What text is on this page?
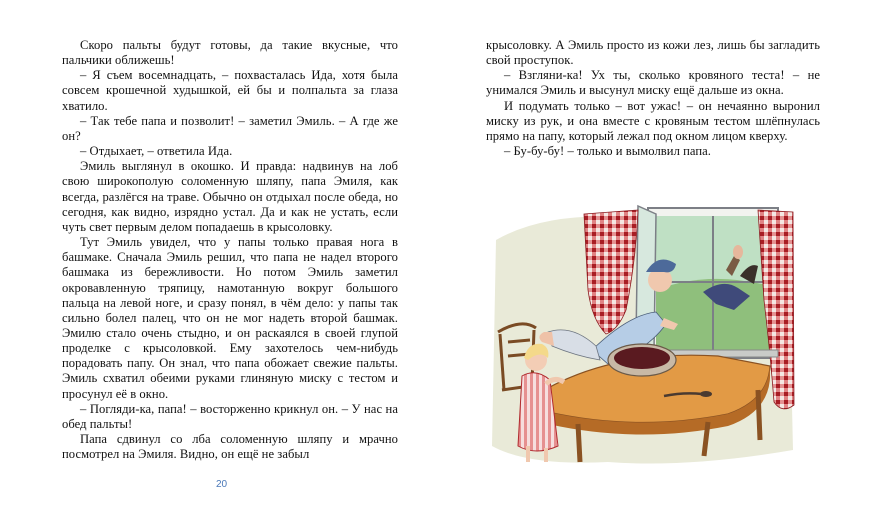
Скоро пальты будут готовы, да такие вкусные, что пальчики оближешь!

– Я съем восемнадцать, – похвасталась Ида, хотя была совсем крошечной худышкой, ей бы и полпальта за глаза хватило.

– Так тебе папа и позволит! – заметил Эмиль. – А где же он?

– Отдыхает, – ответила Ида.

Эмиль выглянул в окошко. И правда: надвинув на лоб свою широкополую соломенную шляпу, папа Эмиля, как всегда, разлёгся на траве. Обычно он отдыхал после обеда, но сегодня, как видно, изрядно устал. Да и как не устать, если чуть свет первым делом попадаешь в крысоловку.

Тут Эмиль увидел, что у папы только правая нога в башмаке. Сначала Эмиль решил, что папа не надел второго башмака из бережливости. Но потом Эмиль заметил окровавленную тряпицу, намотанную вокруг большого пальца на левой ноге, и сразу понял, в чём дело: у папы так сильно болел палец, что он не мог надеть второй башмак. Эмилю стало очень стыдно, и он раскаялся в своей глупой проделке с крысоловкой. Ему захотелось чем-нибудь порадовать папу. Он знал, что папа обожает свежие пальты. Эмиль схватил обеими руками глиняную миску с тестом и просунул её в окно.

– Погляди-ка, папа! – восторженно крикнул он. – У нас на обед пальты!

Папа сдвинул со лба соломенную шляпу и мрачно посмотрел на Эмиля. Видно, он ещё не забыл

20

крысоловку. А Эмиль просто из кожи лез, лишь бы загладить свой проступок.

– Взгляни-ка! Ух ты, сколько кровяного теста! – не унимался Эмиль и высунул миску ещё дальше из окна.

И подумать только – вот ужас! – он нечаянно выронил миску из рук, и она вместе с кровяным тестом шлёпнулась прямо на папу, который лежал под окном лицом кверху.

– Бу-бу-бу! – только и вымолвил папа.
